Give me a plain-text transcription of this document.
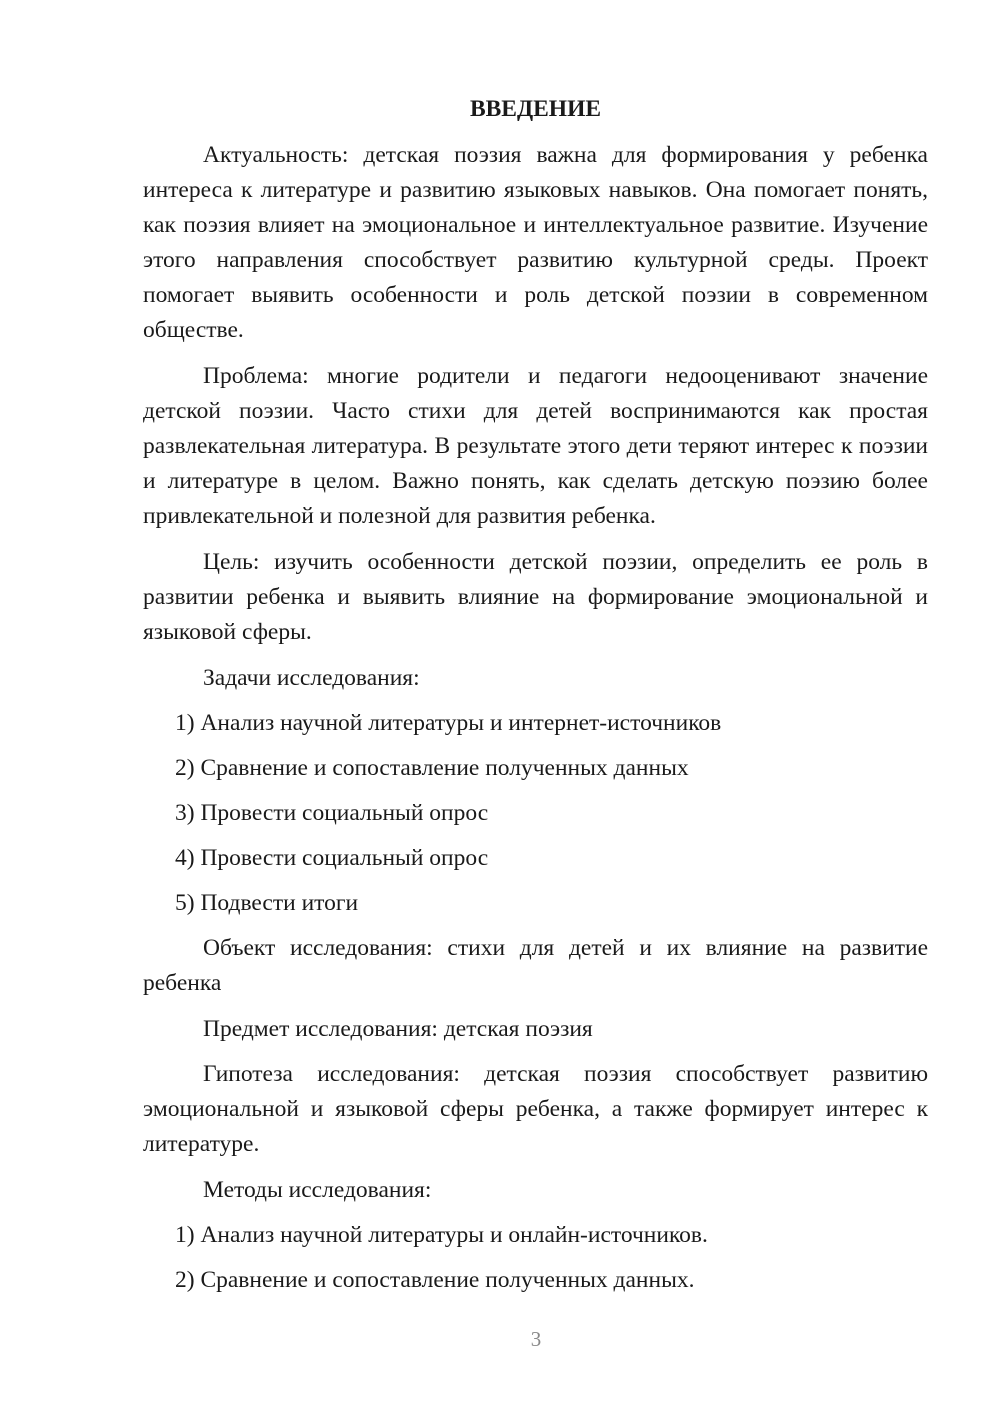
ВВЕДЕНИЕ

Актуальность: детская поэзия важна для формирования у ребенка интереса к литературе и развитию языковых навыков. Она помогает понять, как поэзия влияет на эмоциональное и интеллектуальное развитие. Изучение этого направления способствует развитию культурной среды. Проект помогает выявить особенности и роль детской поэзии в современном обществе.

Проблема: многие родители и педагоги недооценивают значение детской поэзии. Часто стихи для детей воспринимаются как простая развлекательная литература. В результате этого дети теряют интерес к поэзии и литературе в целом. Важно понять, как сделать детскую поэзию более привлекательной и полезной для развития ребенка.

Цель: изучить особенности детской поэзии, определить ее роль в развитии ребенка и выявить влияние на формирование эмоциональной и языковой сферы.

Задачи исследования:

1) Анализ научной литературы и интернет-источников

2) Сравнение и сопоставление полученных данных

3) Провести социальный опрос

4) Провести социальный опрос

5) Подвести итоги

Объект исследования: стихи для детей и их влияние на развитие ребенка

Предмет исследования: детская поэзия

Гипотеза исследования: детская поэзия способствует развитию эмоциональной и языковой сферы ребенка, а также формирует интерес к литературе.

Методы исследования:

1) Анализ научной литературы и онлайн-источников.

2) Сравнение и сопоставление полученных данных.

3
